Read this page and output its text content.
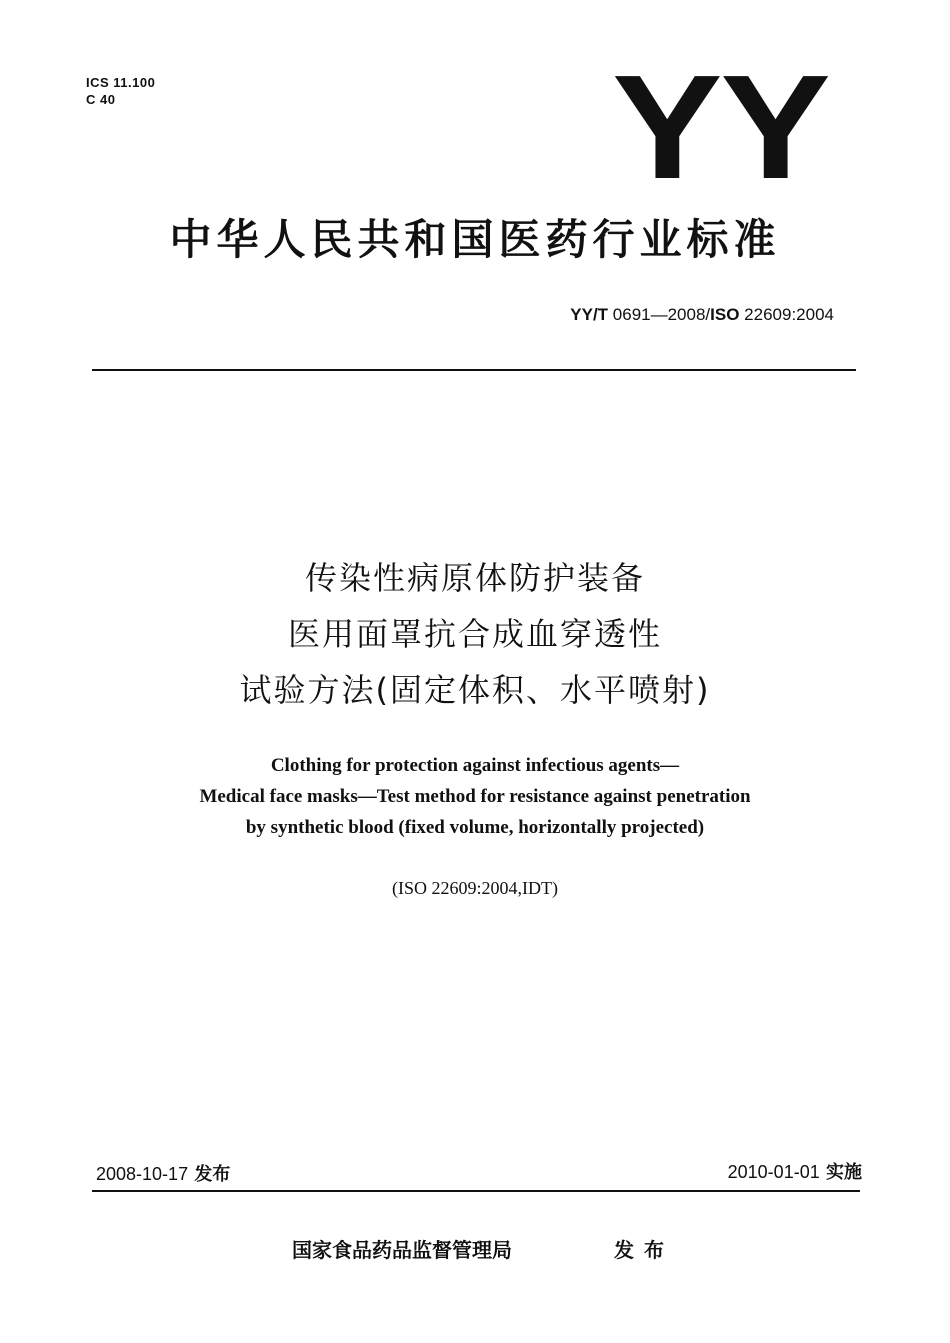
ICS 11.100
C 40	YY
中华人民共和国医药行业标准
YY/T 0691—2008/ISO 22609:2004
传染性病原体防护装备
医用面罩抗合成血穿透性
试验方法(固定体积、水平喷射)
Clothing for protection against infectious agents—
Medical face masks—Test method for resistance against penetration
by synthetic blood (fixed volume, horizontally projected)
(ISO 22609:2004,IDT)
2008-10-17 发布	2010-01-01 实施
国家食品药品监督管理局	发布
